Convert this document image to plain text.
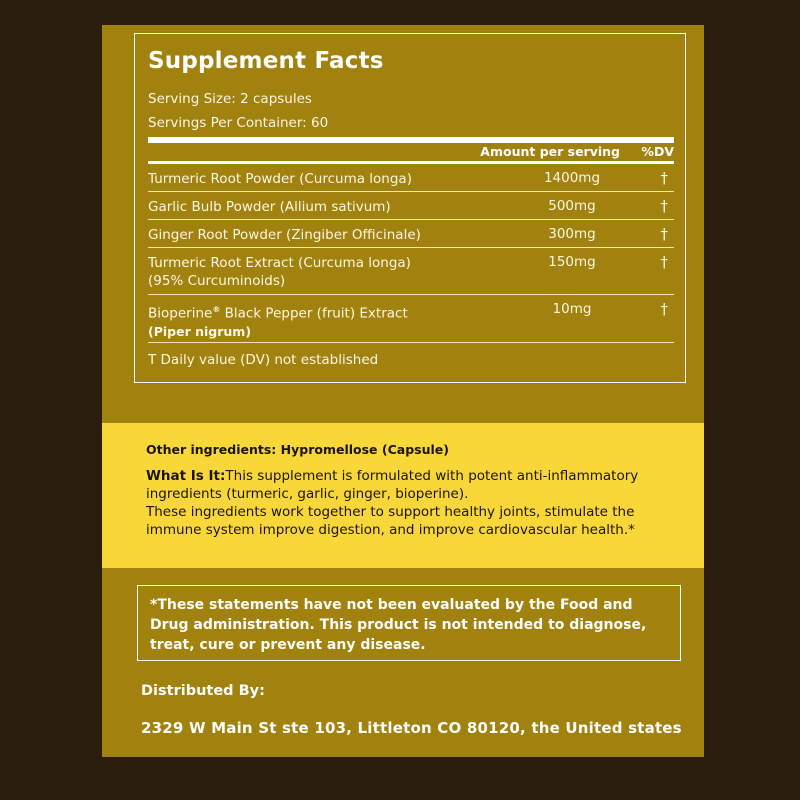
Supplement Facts
Serving Size: 2 capsules
Servings Per Container: 60
Amount per serving %DV
Turmeric Root Powder (Curcuma longa)	1400mg	†
Garlic Bulb Powder (Allium sativum)	500mg	†
Ginger Root Powder (Zingiber Officinale)	300mg	†
Turmeric Root Extract (Curcuma longa)
(95% Curcuminoids)
150mg	†
Bioperine® Black Pepper (fruit) Extract
(Piper nigrum)
10mg	†
T Daily value (DV) not established
Other ingredients: Hypromellose (Capsule)
What Is It:This supplement is formulated with potent anti-inflammatory ingredients (turmeric, garlic, ginger, bioperine).
These ingredients work together to support healthy joints, stimulate the immune system improve digestion, and improve cardiovascular health.*
*These statements have not been evaluated by the Food and Drug administration. This product is not intended to diagnose, treat, cure or prevent any disease.
Distributed By:
2329 W Main St ste 103, Littleton CO 80120, the United states
